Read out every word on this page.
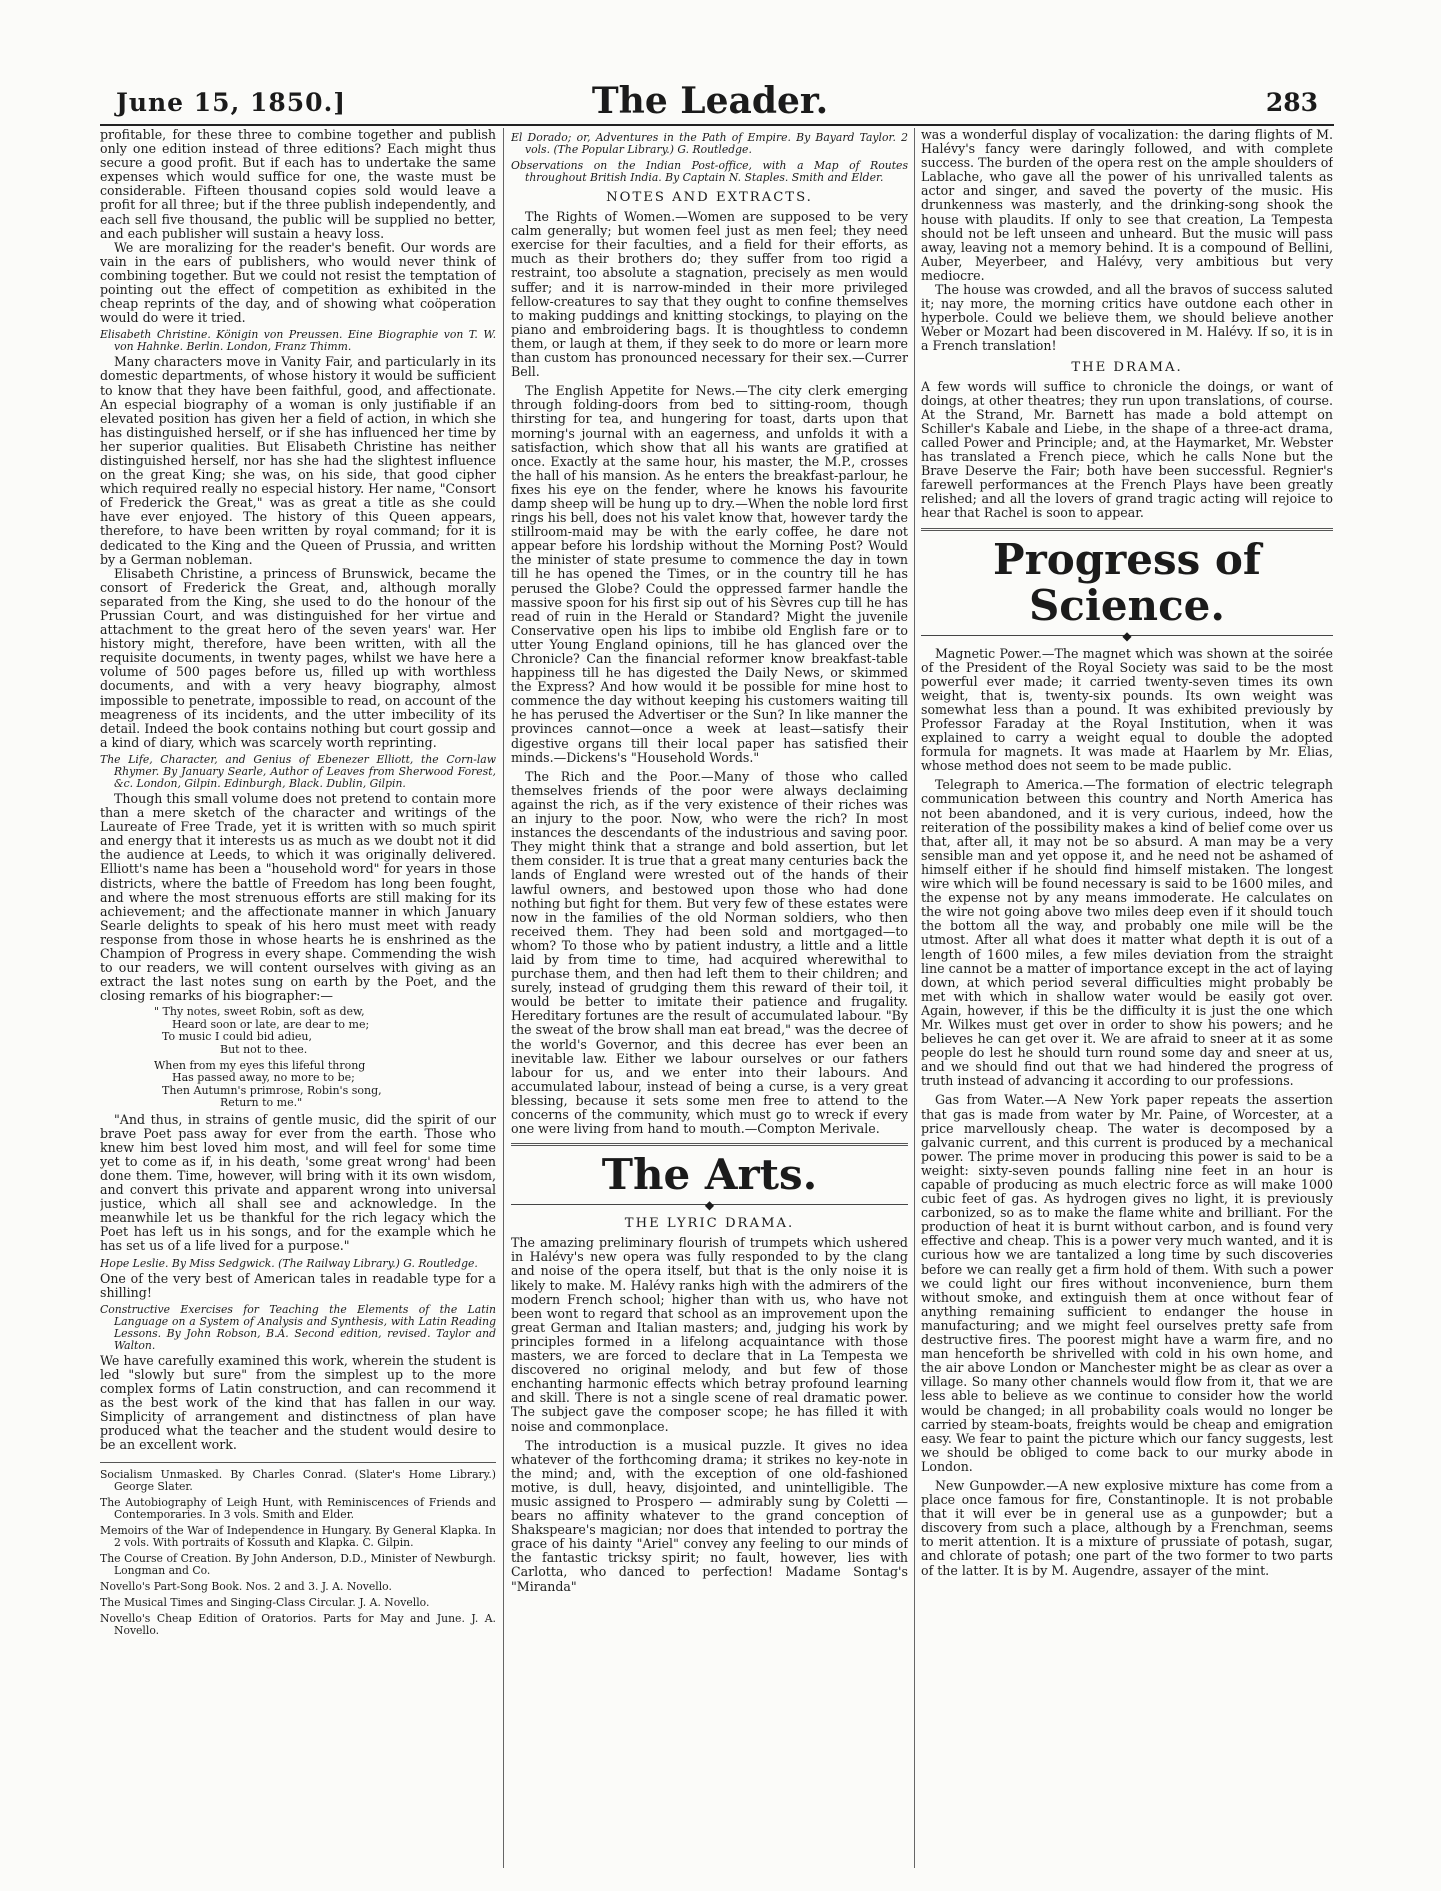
June 15, 1850.]	The Leader.	283

profitable, for these three to combine together and publish only one edition instead of three editions? Each might thus secure a good profit. But if each has to undertake the same expenses which would suffice for one, the waste must be considerable. Fifteen thousand copies sold would leave a profit for all three; but if the three publish independently, and each sell five thousand, the public will be supplied no better, and each publisher will sustain a heavy loss.

We are moralizing for the reader's benefit. Our words are vain in the ears of publishers, who would never think of combining together. But we could not resist the temptation of pointing out the effect of competition as exhibited in the cheap reprints of the day, and of showing what coöperation would do were it tried.

Elisabeth Christine. Königin von Preussen. Eine Biographie von T. W. von Hahnke. Berlin. London, Franz Thimm.

Many characters move in Vanity Fair, and particularly in its domestic departments, of whose history it would be sufficient to know that they have been faithful, good, and affectionate. An especial biography of a woman is only justifiable if an elevated position has given her a field of action, in which she has distinguished herself, or if she has influenced her time by her superior qualities. But Elisabeth Christine has neither distinguished herself, nor has she had the slightest influence on the great King; she was, on his side, that good cipher which required really no especial history. Her name, "Consort of Frederick the Great," was as great a title as she could have ever enjoyed. The history of this Queen appears, therefore, to have been written by royal command; for it is dedicated to the King and the Queen of Prussia, and written by a German nobleman.

Elisabeth Christine, a princess of Brunswick, became the consort of Frederick the Great, and, although morally separated from the King, she used to do the honour of the Prussian Court, and was distinguished for her virtue and attachment to the great hero of the seven years' war. Her history might, therefore, have been written, with all the requisite documents, in twenty pages, whilst we have here a volume of 500 pages before us, filled up with worthless documents, and with a very heavy biography, almost impossible to penetrate, impossible to read, on account of the meagreness of its incidents, and the utter imbecility of its detail. Indeed the book contains nothing but court gossip and a kind of diary, which was scarcely worth reprinting.

The Life, Character, and Genius of Ebenezer Elliott, the Corn-law Rhymer. By January Searle, Author of Leaves from Sherwood Forest, &c. London, Gilpin. Edinburgh, Black. Dublin, Gilpin.

Though this small volume does not pretend to contain more than a mere sketch of the character and writings of the Laureate of Free Trade, yet it is written with so much spirit and energy that it interests us as much as we doubt not it did the audience at Leeds, to which it was originally delivered. Elliott's name has been a "household word" for years in those districts, where the battle of Freedom has long been fought, and where the most strenuous efforts are still making for its achievement; and the affectionate manner in which January Searle delights to speak of his hero must meet with ready response from those in whose hearts he is enshrined as the Champion of Progress in every shape. Commending the wish to our readers, we will content ourselves with giving as an extract the last notes sung on earth by the Poet, and the closing remarks of his biographer:—

" Thy notes, sweet Robin, soft as dew,
Heard soon or late, are dear to me;
To music I could bid adieu,
But not to thee.
When from my eyes this lifeful throng
Has passed away, no more to be;
Then Autumn's primrose, Robin's song,
Return to me."

"And thus, in strains of gentle music, did the spirit of our brave Poet pass away for ever from the earth. Those who knew him best loved him most, and will feel for some time yet to come as if, in his death, 'some great wrong' had been done them. Time, however, will bring with it its own wisdom, and convert this private and apparent wrong into universal justice, which all shall see and acknowledge. In the meanwhile let us be thankful for the rich legacy which the Poet has left us in his songs, and for the example which he has set us of a life lived for a purpose."

Hope Leslie. By Miss Sedgwick. (The Railway Library.) G. Routledge.

One of the very best of American tales in readable type for a shilling!

Constructive Exercises for Teaching the Elements of the Latin Language on a System of Analysis and Synthesis, with Latin Reading Lessons. By John Robson, B.A. Second edition, revised. Taylor and Walton.

We have carefully examined this work, wherein the student is led "slowly but sure" from the simplest up to the more complex forms of Latin construction, and can recommend it as the best work of the kind that has fallen in our way. Simplicity of arrangement and distinctness of plan have produced what the teacher and the student would desire to be an excellent work.

Socialism Unmasked. By Charles Conrad. (Slater's Home Library.) George Slater.
The Autobiography of Leigh Hunt, with Reminiscences of Friends and Contemporaries. In 3 vols. Smith and Elder.
Memoirs of the War of Independence in Hungary. By General Klapka. In 2 vols. With portraits of Kossuth and Klapka. C. Gilpin.
The Course of Creation. By John Anderson, D.D., Minister of Newburgh. Longman and Co.
Novello's Part-Song Book. Nos. 2 and 3. J. A. Novello.
The Musical Times and Singing-Class Circular. J. A. Novello.
Novello's Cheap Edition of Oratorios. Parts for May and June. J. A. Novello.
El Dorado; or, Adventures in the Path of Empire. By Bayard Taylor. 2 vols. (The Popular Library.) G. Routledge.
Observations on the Indian Post-office, with a Map of Routes throughout British India. By Captain N. Staples. Smith and Elder.
NOTES AND EXTRACTS.

The Rights of Women.—Women are supposed to be very calm generally; but women feel just as men feel; they need exercise for their faculties, and a field for their efforts, as much as their brothers do; they suffer from too rigid a restraint, too absolute a stagnation, precisely as men would suffer; and it is narrow-minded in their more privileged fellow-creatures to say that they ought to confine themselves to making puddings and knitting stockings, to playing on the piano and embroidering bags. It is thoughtless to condemn them, or laugh at them, if they seek to do more or learn more than custom has pronounced necessary for their sex.—Currer Bell.

The English Appetite for News.—The city clerk emerging through folding-doors from bed to sitting-room, though thirsting for tea, and hungering for toast, darts upon that morning's journal with an eagerness, and unfolds it with a satisfaction, which show that all his wants are gratified at once. Exactly at the same hour, his master, the M.P., crosses the hall of his mansion. As he enters the breakfast-parlour, he fixes his eye on the fender, where he knows his favourite damp sheep will be hung up to dry.—When the noble lord first rings his bell, does not his valet know that, however tardy the stillroom-maid may be with the early coffee, he dare not appear before his lordship without the Morning Post? Would the minister of state presume to commence the day in town till he has opened the Times, or in the country till he has perused the Globe? Could the oppressed farmer handle the massive spoon for his first sip out of his Sèvres cup till he has read of ruin in the Herald or Standard? Might the juvenile Conservative open his lips to imbibe old English fare or to utter Young England opinions, till he has glanced over the Chronicle? Can the financial reformer know breakfast-table happiness till he has digested the Daily News, or skimmed the Express? And how would it be possible for mine host to commence the day without keeping his customers waiting till he has perused the Advertiser or the Sun? In like manner the provinces cannot—once a week at least—satisfy their digestive organs till their local paper has satisfied their minds.—Dickens's "Household Words."

The Rich and the Poor.—Many of those who called themselves friends of the poor were always declaiming against the rich, as if the very existence of their riches was an injury to the poor. Now, who were the rich? In most instances the descendants of the industrious and saving poor. They might think that a strange and bold assertion, but let them consider. It is true that a great many centuries back the lands of England were wrested out of the hands of their lawful owners, and bestowed upon those who had done nothing but fight for them. But very few of these estates were now in the families of the old Norman soldiers, who then received them. They had been sold and mortgaged—to whom? To those who by patient industry, a little and a little laid by from time to time, had acquired wherewithal to purchase them, and then had left them to their children; and surely, instead of grudging them this reward of their toil, it would be better to imitate their patience and frugality. Hereditary fortunes are the result of accumulated labour. "By the sweat of the brow shall man eat bread," was the decree of the world's Governor, and this decree has ever been an inevitable law. Either we labour ourselves or our fathers labour for us, and we enter into their labours. And accumulated labour, instead of being a curse, is a very great blessing, because it sets some men free to attend to the concerns of the community, which must go to wreck if every one were living from hand to mouth.—Compton Merivale.

The Arts.
◆
THE LYRIC DRAMA.

The amazing preliminary flourish of trumpets which ushered in Halévy's new opera was fully responded to by the clang and noise of the opera itself, but that is the only noise it is likely to make. M. Halévy ranks high with the admirers of the modern French school; higher than with us, who have not been wont to regard that school as an improvement upon the great German and Italian masters; and, judging his work by principles formed in a lifelong acquaintance with those masters, we are forced to declare that in La Tempesta we discovered no original melody, and but few of those enchanting harmonic effects which betray profound learning and skill. There is not a single scene of real dramatic power. The subject gave the composer scope; he has filled it with noise and commonplace.

The introduction is a musical puzzle. It gives no idea whatever of the forthcoming drama; it strikes no key-note in the mind; and, with the exception of one old-fashioned motive, is dull, heavy, disjointed, and unintelligible. The music assigned to Prospero — admirably sung by Coletti — bears no affinity whatever to the grand conception of Shakspeare's magician; nor does that intended to portray the grace of his dainty "Ariel" convey any feeling to our minds of the fantastic tricksy spirit; no fault, however, lies with Carlotta, who danced to perfection! Madame Sontag's "Miranda"

was a wonderful display of vocalization: the daring flights of M. Halévy's fancy were daringly followed, and with complete success. The burden of the opera rest on the ample shoulders of Lablache, who gave all the power of his unrivalled talents as actor and singer, and saved the poverty of the music. His drunkenness was masterly, and the drinking-song shook the house with plaudits. If only to see that creation, La Tempesta should not be left unseen and unheard. But the music will pass away, leaving not a memory behind. It is a compound of Bellini, Auber, Meyerbeer, and Halévy, very ambitious but very mediocre.

The house was crowded, and all the bravos of success saluted it; nay more, the morning critics have outdone each other in hyperbole. Could we believe them, we should believe another Weber or Mozart had been discovered in M. Halévy. If so, it is in a French translation!

THE DRAMA.

A few words will suffice to chronicle the doings, or want of doings, at other theatres; they run upon translations, of course. At the Strand, Mr. Barnett has made a bold attempt on Schiller's Kabale and Liebe, in the shape of a three-act drama, called Power and Principle; and, at the Haymarket, Mr. Webster has translated a French piece, which he calls None but the Brave Deserve the Fair; both have been successful. Regnier's farewell performances at the French Plays have been greatly relished; and all the lovers of grand tragic acting will rejoice to hear that Rachel is soon to appear.

Progress of Science.
◆

Magnetic Power.—The magnet which was shown at the soirée of the President of the Royal Society was said to be the most powerful ever made; it carried twenty-seven times its own weight, that is, twenty-six pounds. Its own weight was somewhat less than a pound. It was exhibited previously by Professor Faraday at the Royal Institution, when it was explained to carry a weight equal to double the adopted formula for magnets. It was made at Haarlem by Mr. Elias, whose method does not seem to be made public.

Telegraph to America.—The formation of electric telegraph communication between this country and North America has not been abandoned, and it is very curious, indeed, how the reiteration of the possibility makes a kind of belief come over us that, after all, it may not be so absurd. A man may be a very sensible man and yet oppose it, and he need not be ashamed of himself either if he should find himself mistaken. The longest wire which will be found necessary is said to be 1600 miles, and the expense not by any means immoderate. He calculates on the wire not going above two miles deep even if it should touch the bottom all the way, and probably one mile will be the utmost. After all what does it matter what depth it is out of a length of 1600 miles, a few miles deviation from the straight line cannot be a matter of importance except in the act of laying down, at which period several difficulties might probably be met with which in shallow water would be easily got over. Again, however, if this be the difficulty it is just the one which Mr. Wilkes must get over in order to show his powers; and he believes he can get over it. We are afraid to sneer at it as some people do lest he should turn round some day and sneer at us, and we should find out that we had hindered the progress of truth instead of advancing it according to our professions.

Gas from Water.—A New York paper repeats the assertion that gas is made from water by Mr. Paine, of Worcester, at a price marvellously cheap. The water is decomposed by a galvanic current, and this current is produced by a mechanical power. The prime mover in producing this power is said to be a weight: sixty-seven pounds falling nine feet in an hour is capable of producing as much electric force as will make 1000 cubic feet of gas. As hydrogen gives no light, it is previously carbonized, so as to make the flame white and brilliant. For the production of heat it is burnt without carbon, and is found very effective and cheap. This is a power very much wanted, and it is curious how we are tantalized a long time by such discoveries before we can really get a firm hold of them. With such a power we could light our fires without inconvenience, burn them without smoke, and extinguish them at once without fear of anything remaining sufficient to endanger the house in manufacturing; and we might feel ourselves pretty safe from destructive fires. The poorest might have a warm fire, and no man henceforth be shrivelled with cold in his own home, and the air above London or Manchester might be as clear as over a village. So many other channels would flow from it, that we are less able to believe as we continue to consider how the world would be changed; in all probability coals would no longer be carried by steam-boats, freights would be cheap and emigration easy. We fear to paint the picture which our fancy suggests, lest we should be obliged to come back to our murky abode in London.

New Gunpowder.—A new explosive mixture has come from a place once famous for fire, Constantinople. It is not probable that it will ever be in general use as a gunpowder; but a discovery from such a place, although by a Frenchman, seems to merit attention. It is a mixture of prussiate of potash, sugar, and chlorate of potash; one part of the two former to two parts of the latter. It is by M. Augendre, assayer of the mint.
